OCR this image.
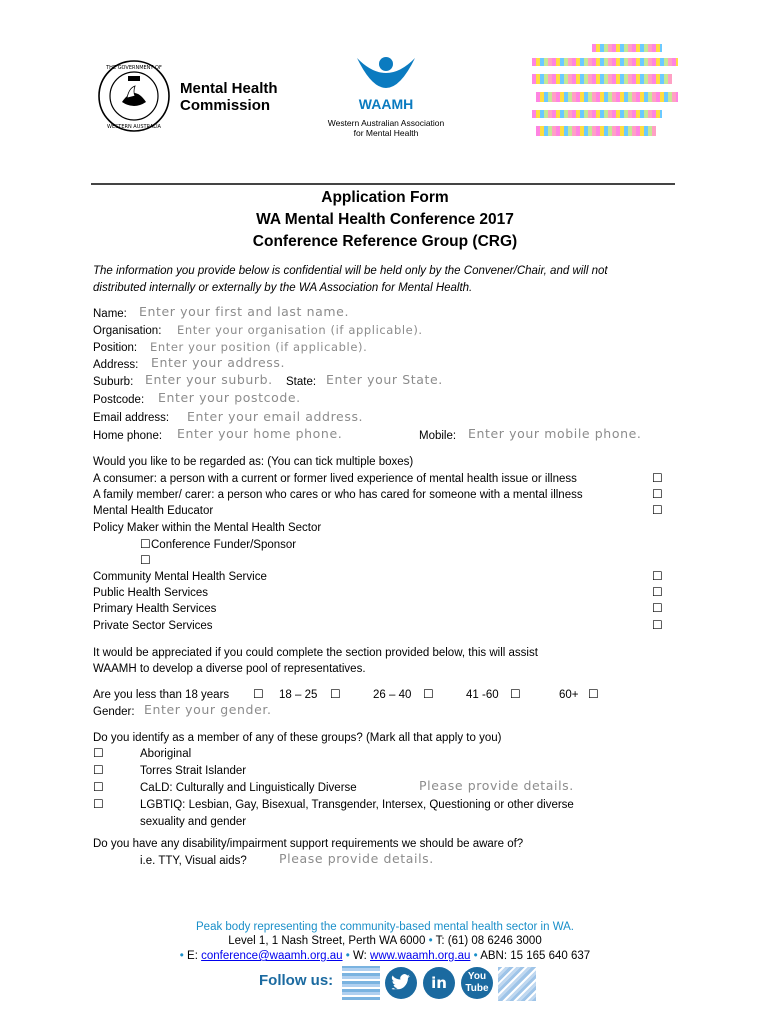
THE GOVERNMENT OF
WESTERN AUSTRALIA
Mental Health
Commission	WAAMH
Western Australian Association
for Mental Health
Application Form
WA Mental Health Conference 2017
Conference Reference Group (CRG)
The information you provide below is confidential will be held only by the Convener/Chair, and will not
distributed internally or externally by the WA Association for Mental Health.
Name: Enter your first and last name.
Organisation: Enter your organisation (if applicable).
Position: Enter your position (if applicable).
Address: Enter your address.
Suburb: Enter your suburb. State: Enter your State.
Postcode: Enter your postcode.
Email address: Enter your email address.
Home phone: Enter your home phone.	Mobile: Enter your mobile phone.
Would you like to be regarded as: (You can tick multiple boxes)
A consumer: a person with a current or former lived experience of mental health issue or illness	☐
A family member/ carer: a person who cares or who has cared for someone with a mental illness	☐
Mental Health Educator	☐
Policy Maker within the Mental Health Sector
☐ Conference Funder/Sponsor
☐
Community Mental Health Service	☐
Public Health Services	☐
Primary Health Services	☐
Private Sector Services	☐
It would be appreciated if you could complete the section provided below, this will assist
WAAMH to develop a diverse pool of representatives.
Are you less than 18 years ☐ 18 – 25 ☐	26 – 40 ☐	41 -60 ☐	60+ ☐
Gender: Enter your gender.
Do you identify as a member of any of these groups? (Mark all that apply to you)
☐	Aboriginal
☐	Torres Strait Islander
☐	CaLD: Culturally and Linguistically Diverse	Please provide details.
☐	LGBTIQ: Lesbian, Gay, Bisexual, Transgender, Intersex, Questioning or other diverse
sexuality and gender
Do you have any disability/impairment support requirements we should be aware of?
i.e. TTY, Visual aids?	Please provide details.
Peak body representing the community-based mental health sector in WA.
Level 1, 1 Nash Street, Perth WA 6000 • T: (61) 08 6246 3000
• E: conference@waamh.org.au • W: www.waamh.org.au • ABN: 15 165 640 637
Follow us:	in	You
Tube
